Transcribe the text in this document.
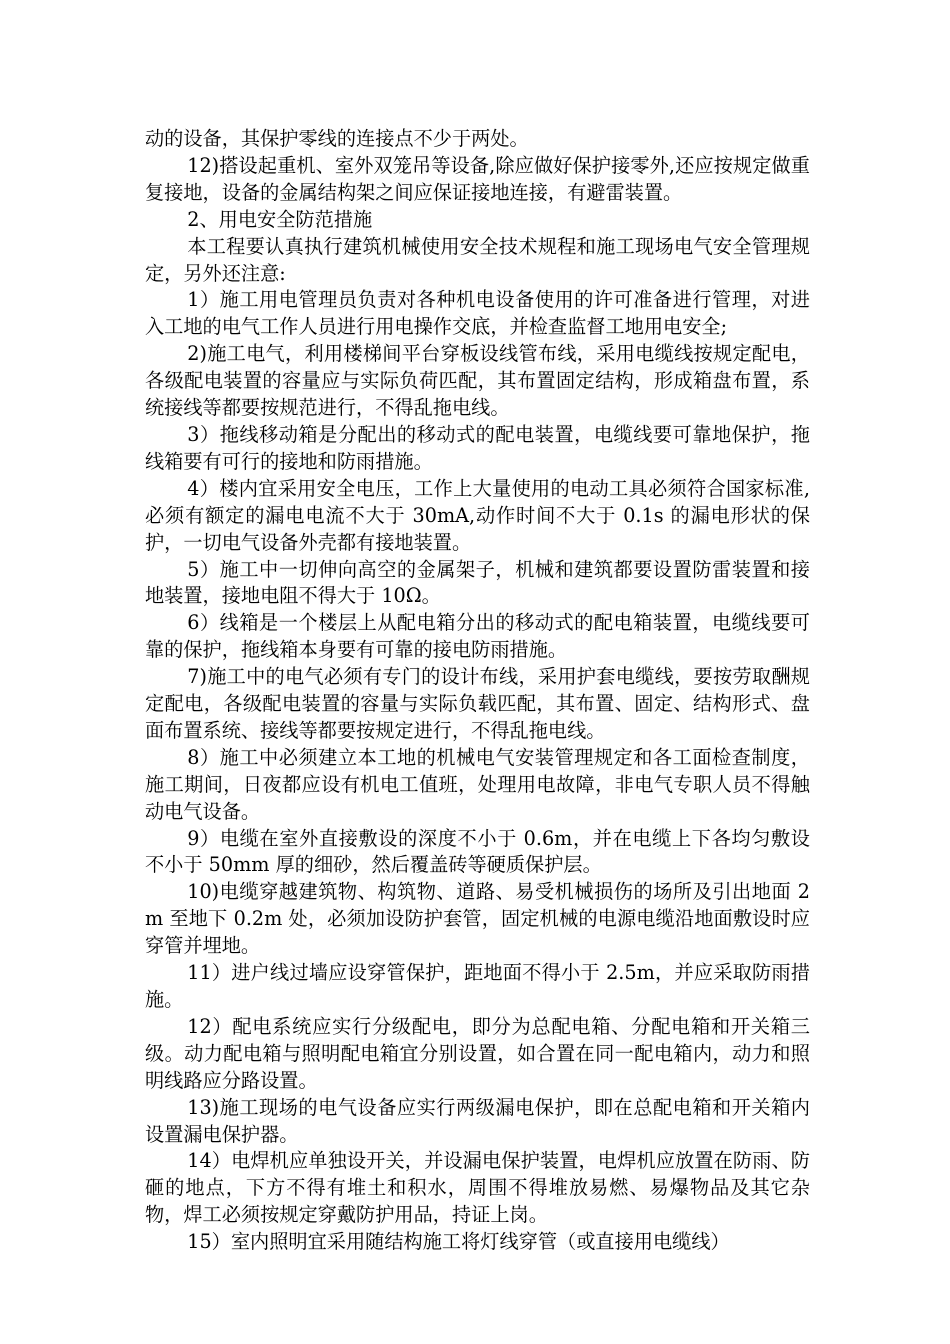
动的设备，其保护零线的连接点不少于两处。

12)搭设起重机、室外双笼吊等设备,除应做好保护接零外,还应按规定做重复接地，设备的金属结构架之间应保证接地连接，有避雷装置。

2、用电安全防范措施

本工程要认真执行建筑机械使用安全技术规程和施工现场电气安全管理规定，另外还注意:

1）施工用电管理员负责对各种机电设备使用的许可准备进行管理，对进入工地的电气工作人员进行用电操作交底，并检查监督工地用电安全;

2)施工电气，利用楼梯间平台穿板设线管布线，采用电缆线按规定配电，各级配电装置的容量应与实际负荷匹配，其布置固定结构，形成箱盘布置，系统接线等都要按规范进行，不得乱拖电线。

3）拖线移动箱是分配出的移动式的配电装置，电缆线要可靠地保护，拖线箱要有可行的接地和防雨措施。

4）楼内宜采用安全电压，工作上大量使用的电动工具必须符合国家标准,必须有额定的漏电电流不大于 30mA,动作时间不大于 0.1s 的漏电形状的保护，一切电气设备外壳都有接地装置。

5）施工中一切伸向高空的金属架子，机械和建筑都要设置防雷装置和接地装置，接地电阻不得大于 10Ω。

6）线箱是一个楼层上从配电箱分出的移动式的配电箱装置，电缆线要可靠的保护，拖线箱本身要有可靠的接电防雨措施。

7)施工中的电气必须有专门的设计布线，采用护套电缆线，要按劳取酬规定配电，各级配电装置的容量与实际负载匹配，其布置、固定、结构形式、盘面布置系统、接线等都要按规定进行，不得乱拖电线。

8）施工中必须建立本工地的机械电气安装管理规定和各工面检查制度，施工期间，日夜都应设有机电工值班，处理用电故障，非电气专职人员不得触动电气设备。

9）电缆在室外直接敷设的深度不小于 0.6m，并在电缆上下各均匀敷设不小于 50mm 厚的细砂，然后覆盖砖等硬质保护层。

10)电缆穿越建筑物、构筑物、道路、易受机械损伤的场所及引出地面 2m 至地下 0.2m 处，必须加设防护套管，固定机械的电源电缆沿地面敷设时应穿管并埋地。

11）进户线过墙应设穿管保护，距地面不得小于 2.5m，并应采取防雨措施。

12）配电系统应实行分级配电，即分为总配电箱、分配电箱和开关箱三级。动力配电箱与照明配电箱宜分别设置，如合置在同一配电箱内，动力和照明线路应分路设置。

13)施工现场的电气设备应实行两级漏电保护，即在总配电箱和开关箱内设置漏电保护器。

14）电焊机应单独设开关，并设漏电保护装置，电焊机应放置在防雨、防砸的地点，下方不得有堆土和积水，周围不得堆放易燃、易爆物品及其它杂物，焊工必须按规定穿戴防护用品，持证上岗。

15）室内照明宜采用随结构施工将灯线穿管（或直接用电缆线）
